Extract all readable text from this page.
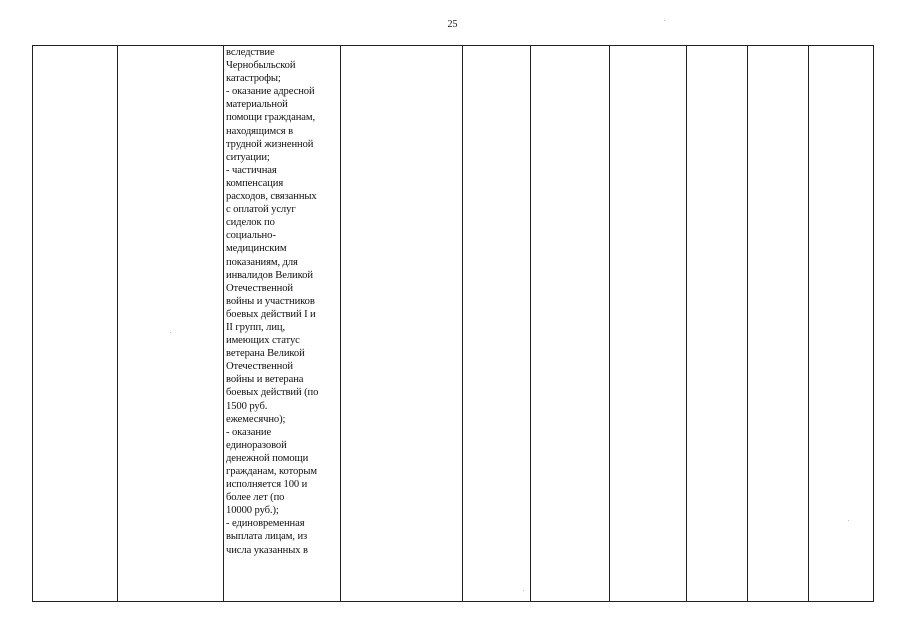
25
вследствие
Чернобыльской
катастрофы;
- оказание адресной
материальной
помощи гражданам,
находящимся в
трудной жизненной
ситуации;
- частичная
компенсация
расходов, связанных
с оплатой услуг
сиделок по
социально-
медицинским
показаниям, для
инвалидов Великой
Отечественной
войны и участников
боевых действий I и
II групп, лиц,
имеющих статус
ветерана Великой
Отечественной
войны и ветерана
боевых действий (по
1500 руб.
ежемесячно);
- оказание
единоразовой
денежной помощи
гражданам, которым
исполняется 100 и
более лет (по
10000 руб.);
- единовременная
выплата лицам, из
числа указанных в
